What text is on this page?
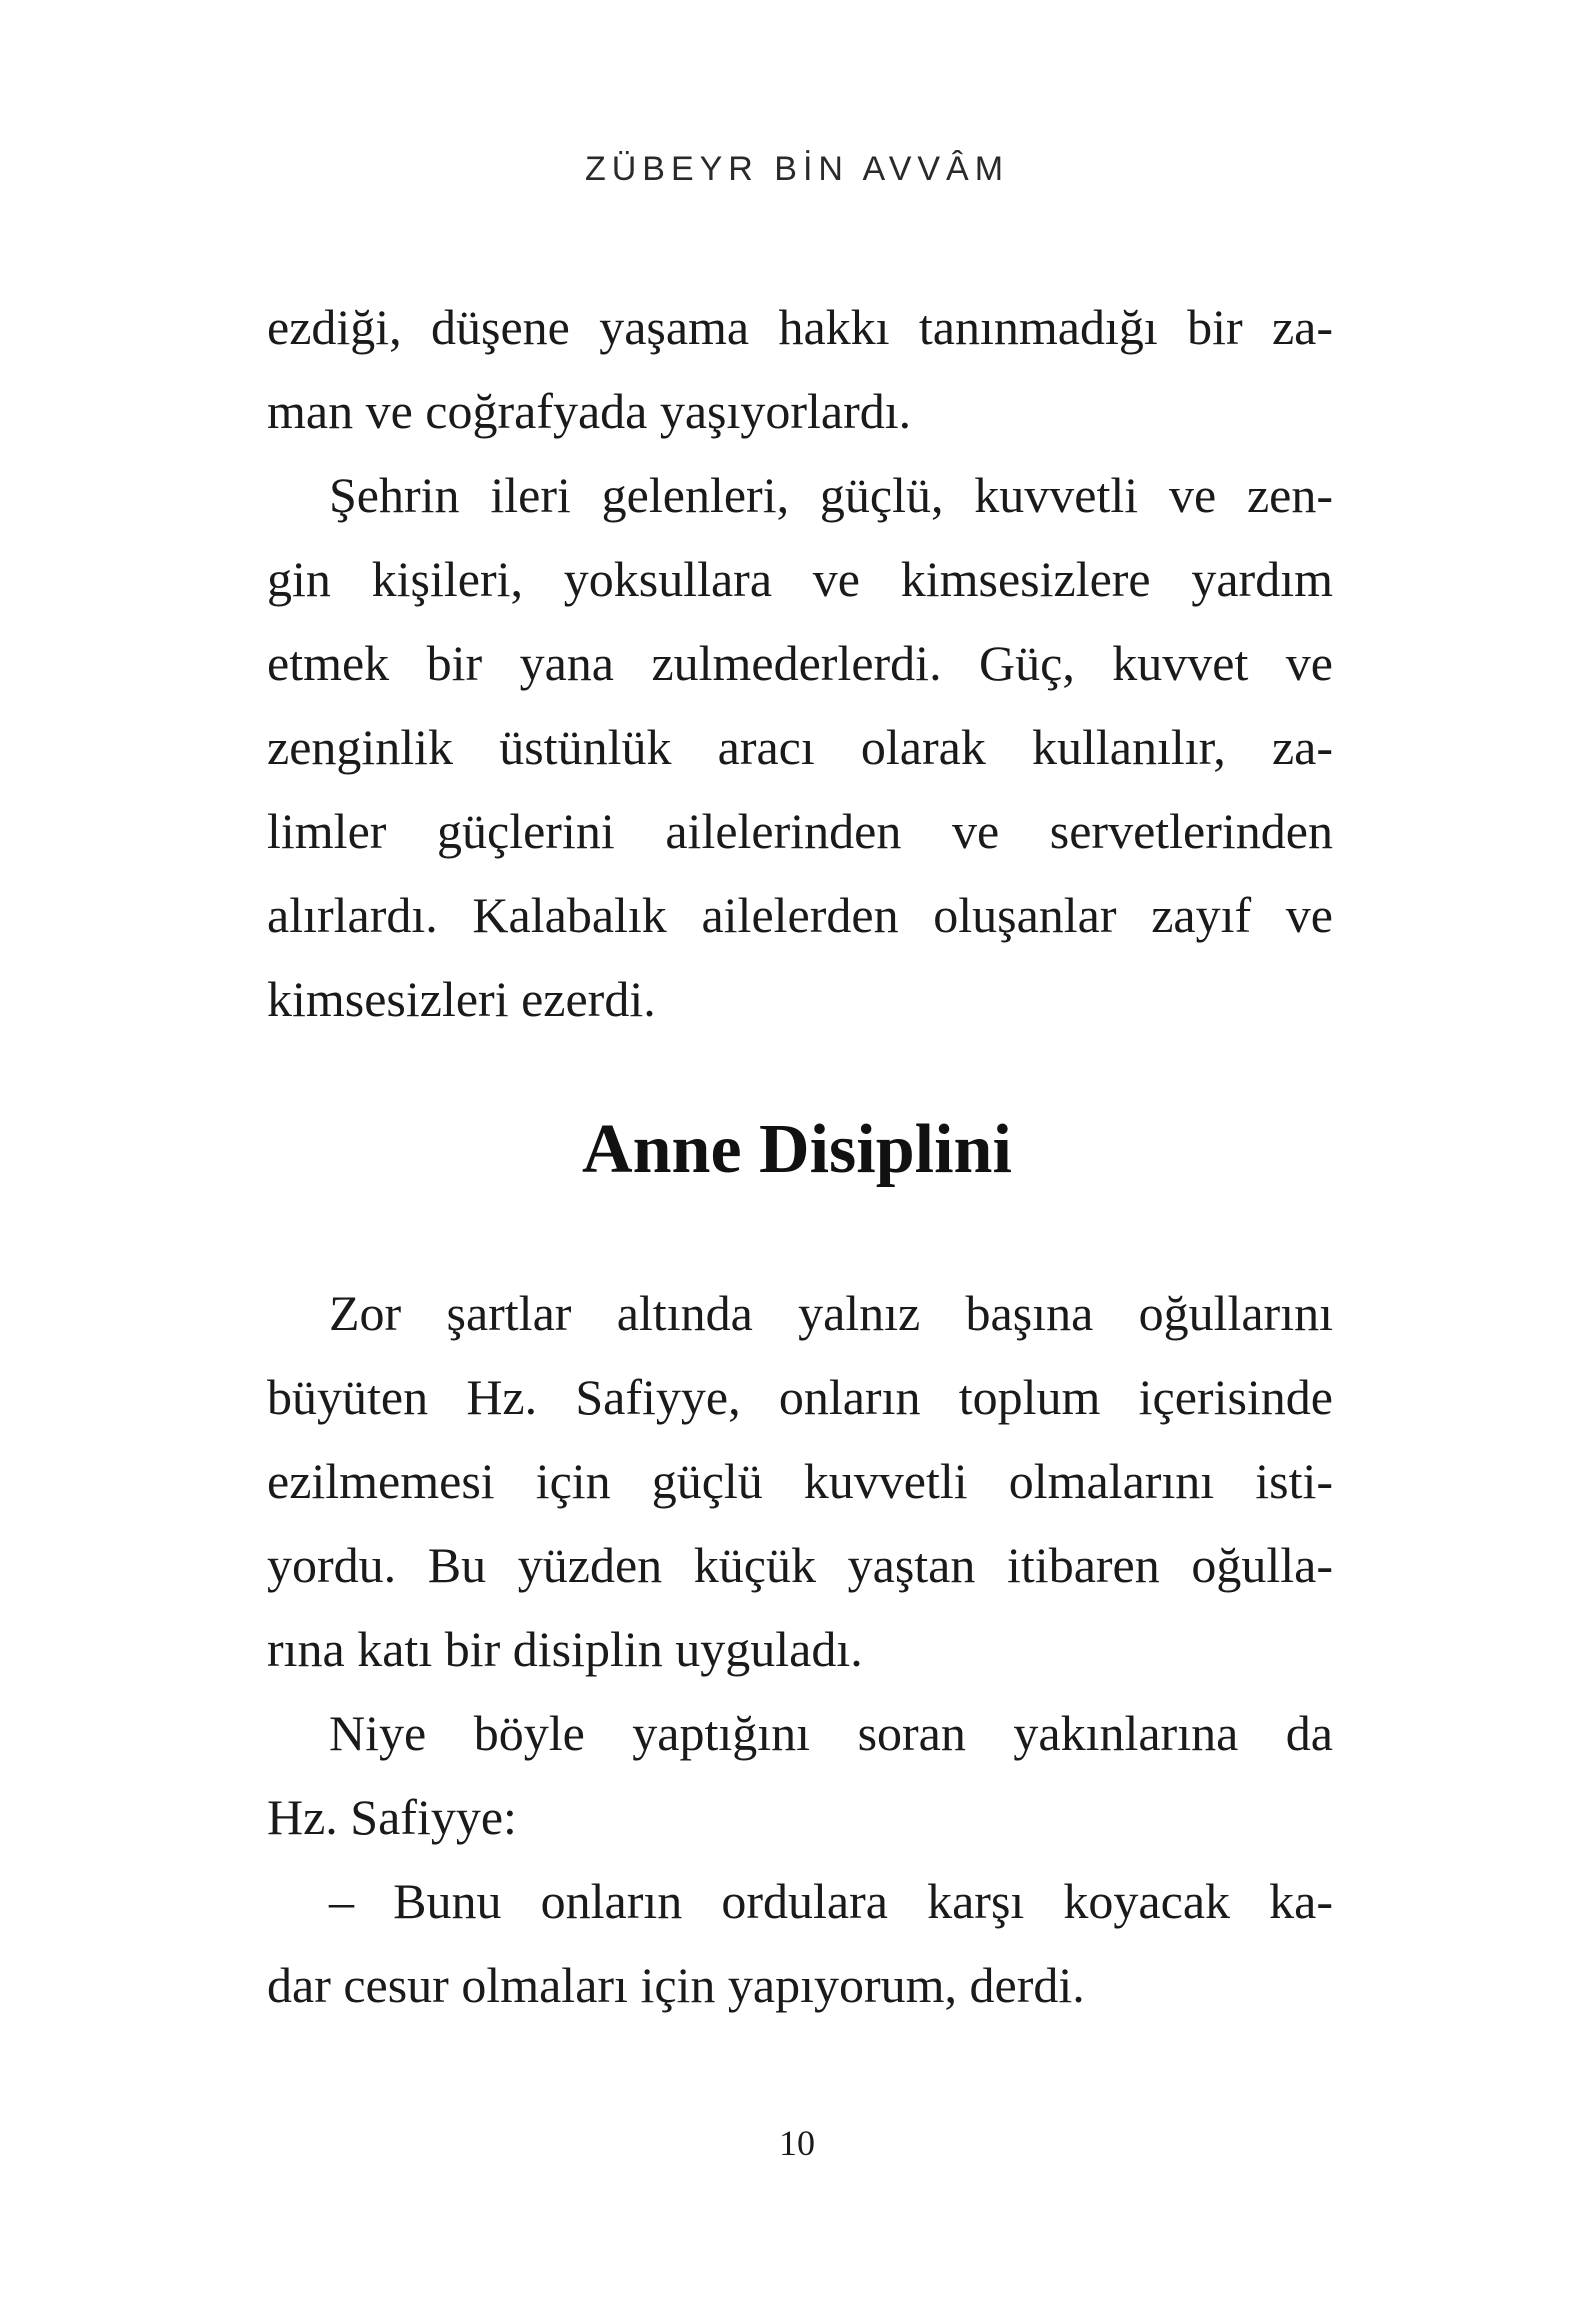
ZÜBEYR BİN AVVÂM
ezdiği, düşene yaşama hakkı tanınmadığı bir za-
man ve coğrafyada yaşıyorlardı.
Şehrin ileri gelenleri, güçlü, kuvvetli ve zen-
gin kişileri, yoksullara ve kimsesizlere yardım
etmek bir yana zulmederlerdi. Güç, kuvvet ve
zenginlik üstünlük aracı olarak kullanılır, za-
limler güçlerini ailelerinden ve servetlerinden
alırlardı. Kalabalık ailelerden oluşanlar zayıf ve
kimsesizleri ezerdi.
Anne Disiplini
Zor şartlar altında yalnız başına oğullarını
büyüten Hz. Safiyye, onların toplum içerisinde
ezilmemesi için güçlü kuvvetli olmalarını isti-
yordu. Bu yüzden küçük yaştan itibaren oğulla-
rına katı bir disiplin uyguladı.
Niye böyle yaptığını soran yakınlarına da
Hz. Safiyye:
– Bunu onların ordulara karşı koyacak ka-
dar cesur olmaları için yapıyorum, derdi.
10
